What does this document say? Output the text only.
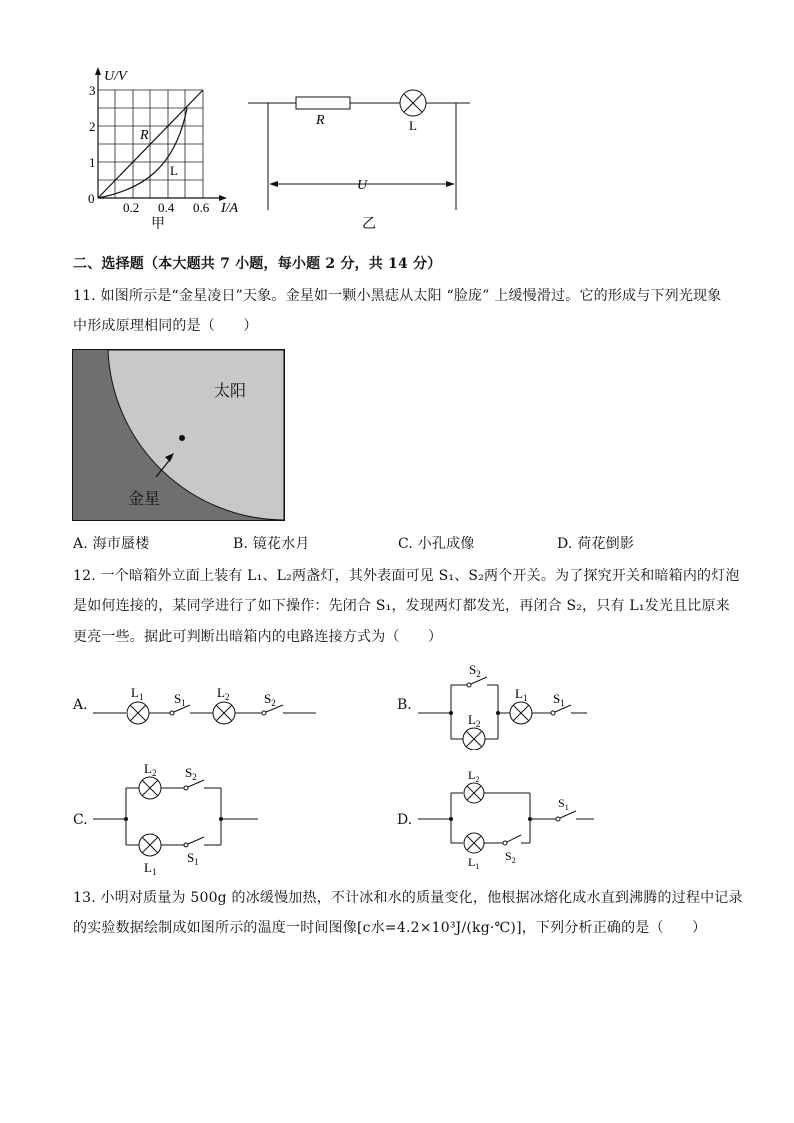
U/V
I/A
3
2
1
0
0.2 0.4 0.6
R
L
甲
R	L
U
乙
二、选择题（本大题共 7 小题，每小题 2 分，共 14 分）
11. 如图所示是“金星凌日”天象。金星如一颗小黑痣从太阳 “脸庞” 上缓慢滑过。它的形成与下列光现象
中形成原理相同的是（　　）
太阳
金星
A. 海市蜃楼	B. 镜花水月	C. 小孔成像	D. 荷花倒影
12. 一个暗箱外立面上装有 L₁、L₂两盏灯，其外表面可见 S₁、S₂两个开关。为了探究开关和暗箱内的灯泡
是如何连接的，某同学进行了如下操作：先闭合 S₁，发现两灯都发光，再闭合 S₂，只有 L₁发光且比原来
更亮一些。据此可判断出暗箱内的电路连接方式为（　　）
A.	B.
C.	D.
$L_1$ $S_1$
$L_2$	$S_2$
$S_2$
$L_2$
$L_1$ $S_1$
$L_2$ $S_2$
$L_1$
$S_1$
$L_2$
$L_1$
$S_2$
$S_1$
13. 小明对质量为 500g 的冰缓慢加热，不计冰和水的质量变化，他根据冰熔化成水直到沸腾的过程中记录
的实验数据绘制成如图所示的温度一时间图像[c水=4.2×10³J/(kg·℃)]，下列分析正确的是（　　）
